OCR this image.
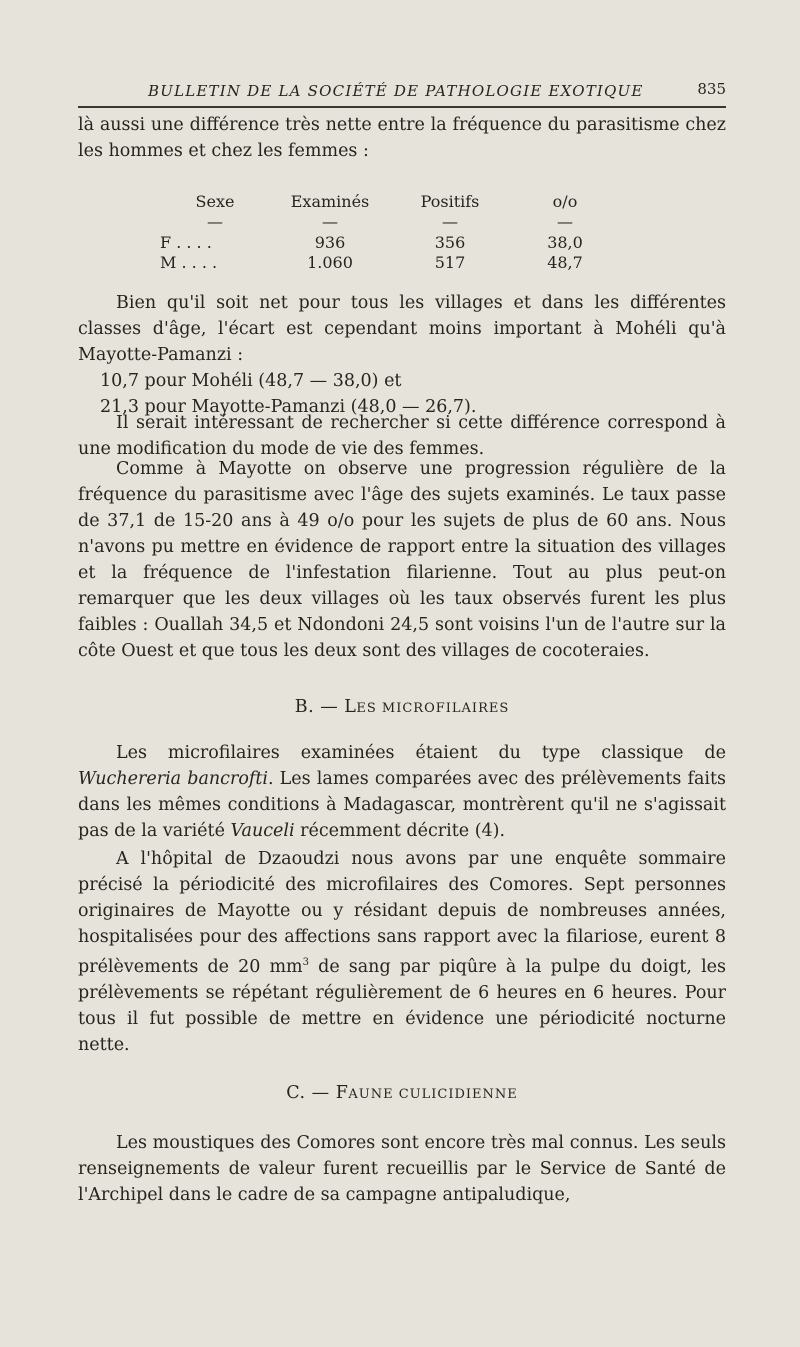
BULLETIN DE LA SOCIÉTÉ DE PATHOLOGIE EXOTIQUE	835

là aussi une différence très nette entre la fréquence du parasitisme chez les hommes et chez les femmes :

Sexe	Examinés	Positifs	o/o
—	—	—	—
F . . . .	936	356	38,0
M . . . .	1.060	517	48,7
Bien qu'il soit net pour tous les villages et dans les différentes classes d'âge, l'écart est cependant moins important à Mohéli qu'à Mayotte-Pamanzi :
10,7 pour Mohéli (48,7 — 38,0) et
21,3 pour Mayotte-Pamanzi (48,0 — 26,7).

Il serait intéressant de rechercher si cette différence correspond à une modification du mode de vie des femmes.

Comme à Mayotte on observe une progression régulière de la fréquence du parasitisme avec l'âge des sujets examinés. Le taux passe de 37,1 de 15-20 ans à 49 o/o pour les sujets de plus de 60 ans. Nous n'avons pu mettre en évidence de rapport entre la situation des villages et la fréquence de l'infestation filarienne. Tout au plus peut-on remarquer que les deux villages où les taux observés furent les plus faibles : Ouallah 34,5 et Ndondoni 24,5 sont voisins l'un de l'autre sur la côte Ouest et que tous les deux sont des villages de cocoteraies.

B. — LES MICROFILAIRES

Les microfilaires examinées étaient du type classique de Wuchereria bancrofti. Les lames comparées avec des prélèvements faits dans les mêmes conditions à Madagascar, montrèrent qu'il ne s'agissait pas de la variété Vauceli récemment décrite (4).

A l'hôpital de Dzaoudzi nous avons par une enquête sommaire précisé la périodicité des microfilaires des Comores. Sept personnes originaires de Mayotte ou y résidant depuis de nombreuses années, hospitalisées pour des affections sans rapport avec la filariose, eurent 8 prélèvements de 20 $mm^3$ de sang par piqûre à la pulpe du doigt, les prélèvements se répétant régulièrement de 6 heures en 6 heures. Pour tous il fut possible de mettre en évidence une périodicité nocturne nette.

C. — FAUNE CULICIDIENNE

Les moustiques des Comores sont encore très mal connus. Les seuls renseignements de valeur furent recueillis par le Service de Santé de l'Archipel dans le cadre de sa campagne antipaludique,
